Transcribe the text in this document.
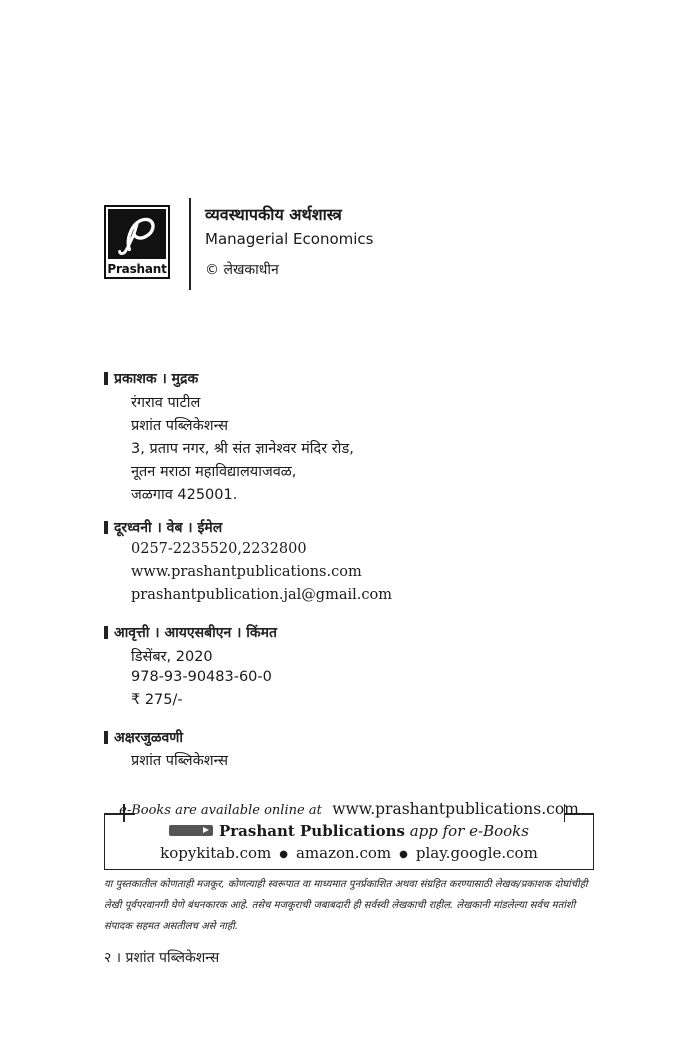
Prashant
व्यवस्थापकीय अर्थशास्त्र
Managerial Economics
© लेखकाधीन
प्रकाशक । मुद्रक
रंगराव पाटील
प्रशांत पब्लिकेशन्स
3, प्रताप नगर, श्री संत ज्ञानेश्वर मंदिर रोड,
नूतन मराठा महाविद्यालयाजवळ,
जळगाव 425001.
दूरध्वनी । वेब । ईमेल
0257-2235520,2232800
www.prashantpublications.com
prashantpublication.jal@gmail.com
आवृत्ती । आयएसबीएन । किंमत
डिसेंबर, 2020
978-93-90483-60-0
₹ 275/-
अक्षरजुळवणी
प्रशांत पब्लिकेशन्स
e-Books are available online at www.prashantpublications.com
Prashant Publications app for e-Books
kopykitab.com ● amazon.com ● play.google.com
या पुस्तकातील कोणताही मजकूर, कोणत्याही स्वरूपात वा माध्यमात पुनर्प्रकाशित अथवा संग्रहित करण्यासाठी लेखक/प्रकाशक दोघांचीही लेखी पूर्वपरवानगी घेणे बंधनकारक आहे. तसेच मजकूराची जबाबदारी ही सर्वस्वी लेखकाची राहील. लेखकानी मांडलेल्या सर्वच मतांशी संपादक सहमत असतीलच असे नाही.
२ । प्रशांत पब्लिकेशन्स
